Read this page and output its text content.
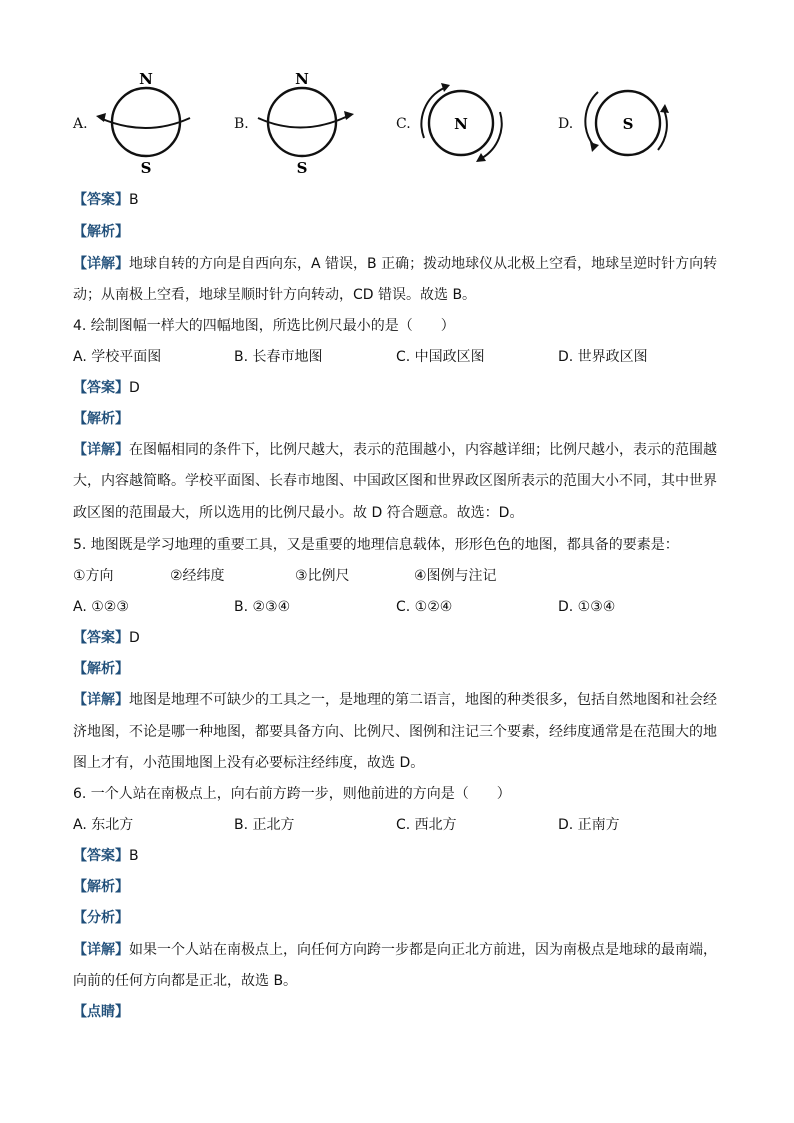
A.
N
S
B.
N
S
C.	N	D.	S
【答案】B
【解析】
【详解】地球自转的方向是自西向东，A 错误，B 正确；拨动地球仪从北极上空看，地球呈逆时针方向转
动；从南极上空看，地球呈顺时针方向转动，CD 错误。故选 B。
4. 绘制图幅一样大的四幅地图，所选比例尺最小的是（　　）
A. 学校平面图	B. 长春市地图	C. 中国政区图	D. 世界政区图
【答案】D
【解析】
【详解】在图幅相同的条件下，比例尺越大，表示的范围越小，内容越详细；比例尺越小，表示的范围越
大，内容越简略。学校平面图、长春市地图、中国政区图和世界政区图所表示的范围大小不同，其中世界
政区图的范围最大，所以选用的比例尺最小。故 D 符合题意。故选：D。
5. 地图既是学习地理的重要工具，又是重要的地理信息载体，形形色色的地图，都具备的要素是：
①方向	②经纬度	③比例尺	④图例与注记
A. ①②③	B. ②③④	C. ①②④	D. ①③④
【答案】D
【解析】
【详解】地图是地理不可缺少的工具之一，是地理的第二语言，地图的种类很多，包括自然地图和社会经
济地图，不论是哪一种地图，都要具备方向、比例尺、图例和注记三个要素，经纬度通常是在范围大的地
图上才有，小范围地图上没有必要标注经纬度，故选 D。
6. 一个人站在南极点上，向右前方跨一步，则他前进的方向是（　　）
A. 东北方	B. 正北方	C. 西北方	D. 正南方
【答案】B
【解析】
【分析】
【详解】如果一个人站在南极点上，向任何方向跨一步都是向正北方前进，因为南极点是地球的最南端，
向前的任何方向都是正北，故选 B。
【点睛】
